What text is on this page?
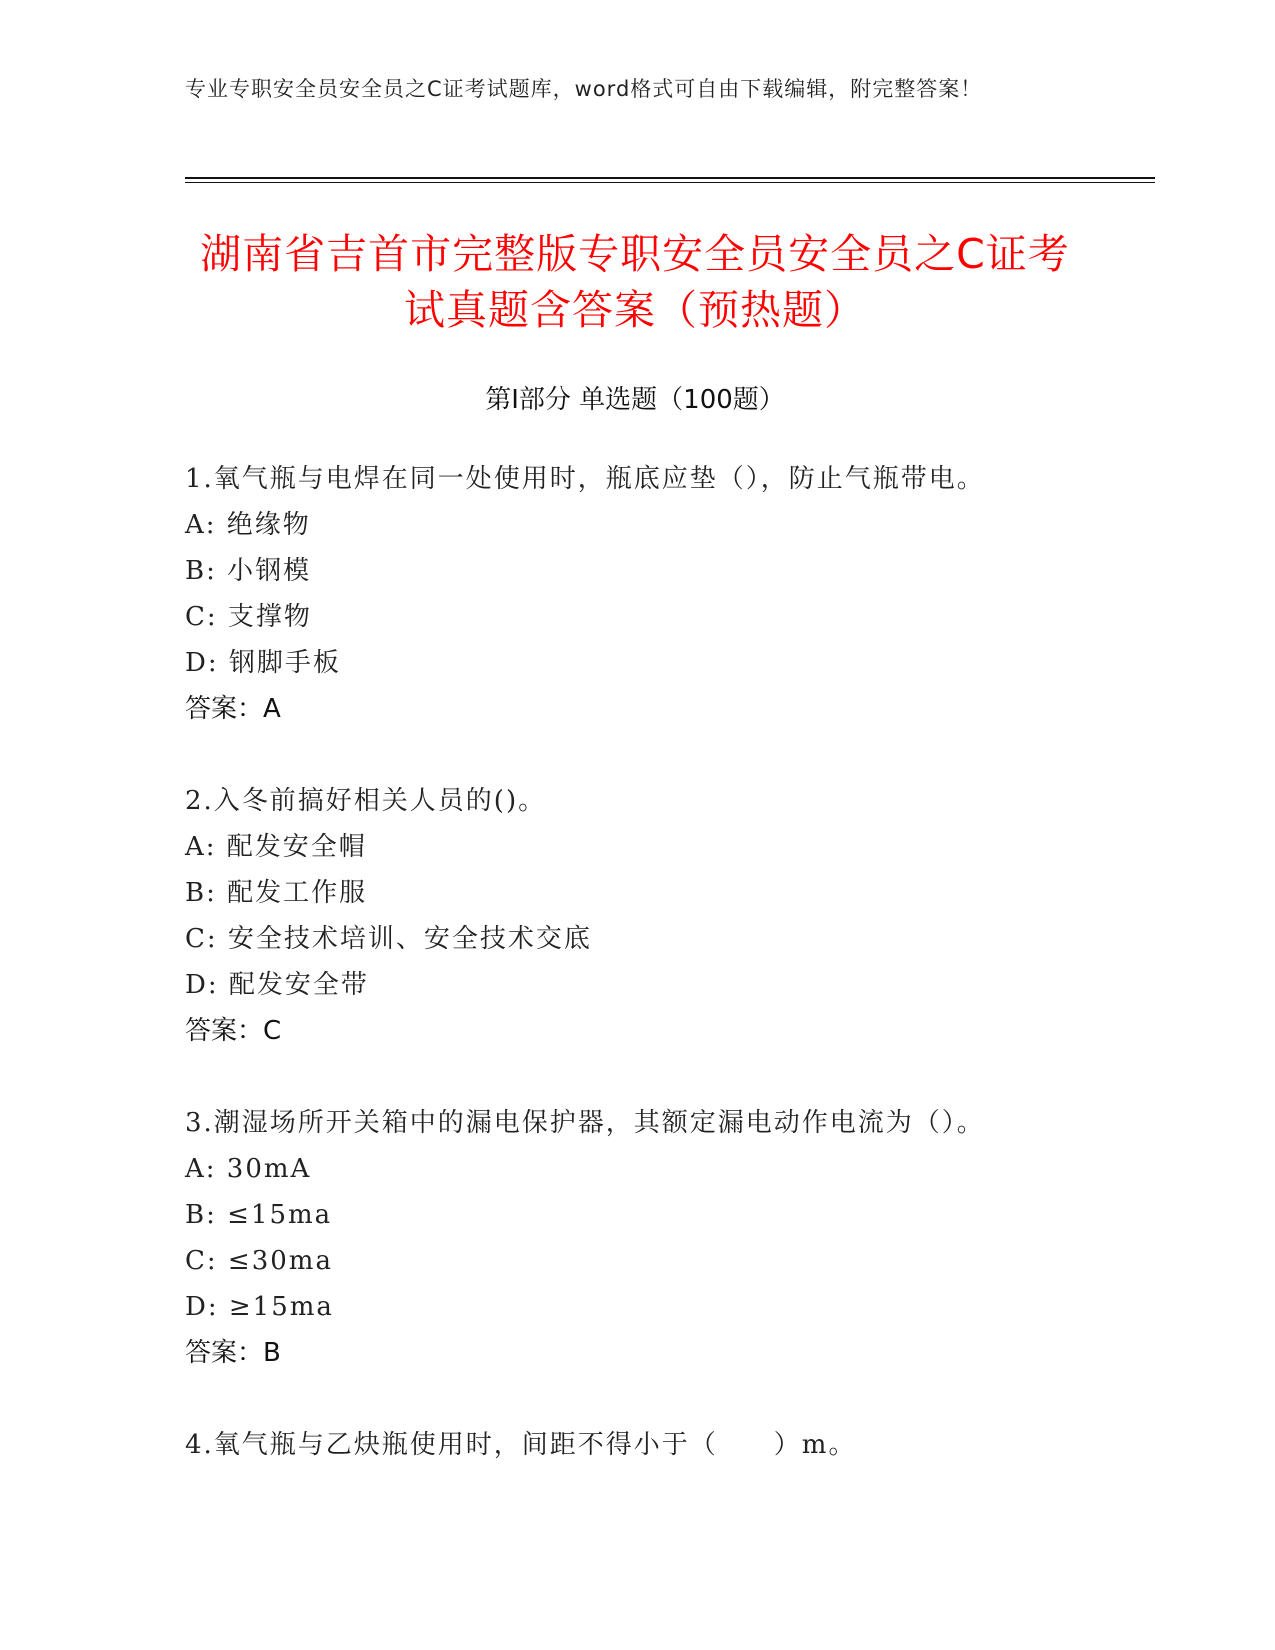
专业专职安全员安全员之C证考试题库，word格式可自由下载编辑，附完整答案！
湖南省吉首市完整版专职安全员安全员之C证考试真题含答案（预热题）
第Ⅰ部分 单选题（100题）
1.氧气瓶与电焊在同一处使用时，瓶底应垫（），防止气瓶带电。
A: 绝缘物
B: 小钢模
C: 支撑物
D: 钢脚手板
答案：A
2.入冬前搞好相关人员的()。
A: 配发安全帽
B: 配发工作服
C: 安全技术培训、安全技术交底
D: 配发安全带
答案：C
3.潮湿场所开关箱中的漏电保护器，其额定漏电动作电流为（）。
A: 30mA
B: ≤15ma
C: ≤30ma
D: ≥15ma
答案：B
4.氧气瓶与乙炔瓶使用时，间距不得小于（　　）m。
